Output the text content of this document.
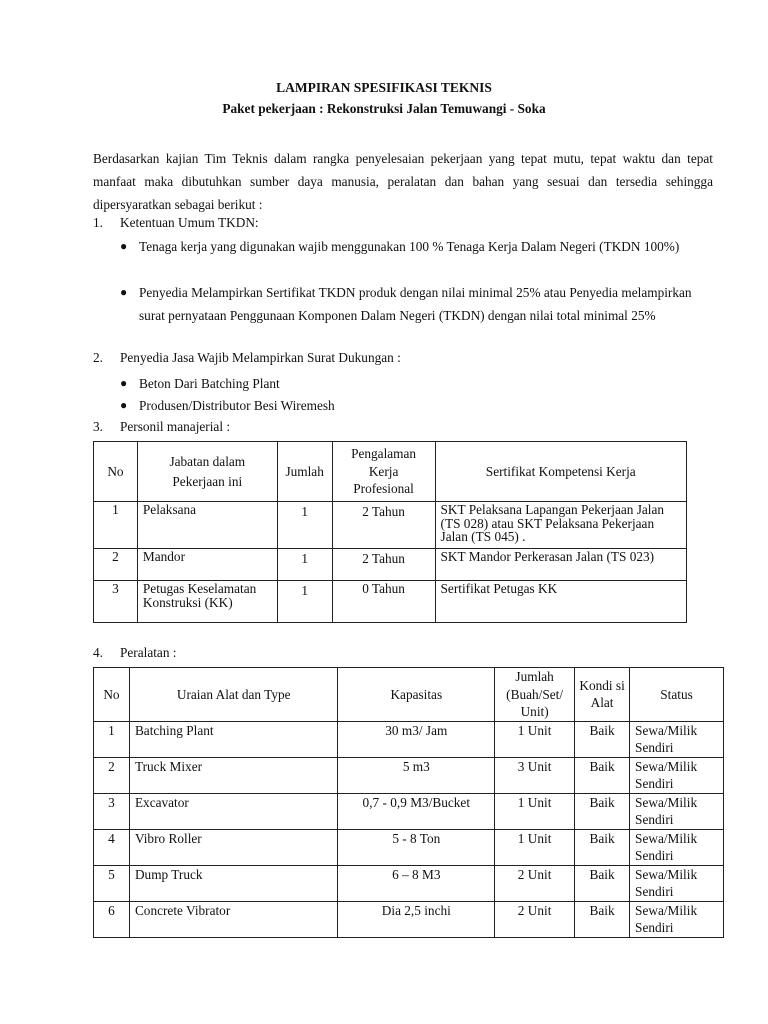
LAMPIRAN SPESIFIKASI TEKNIS
Paket pekerjaan : Rekonstruksi Jalan Temuwangi - Soka
Berdasarkan kajian Tim Teknis dalam rangka penyelesaian pekerjaan yang tepat mutu, tepat waktu dan tepat manfaat maka dibutuhkan sumber daya manusia, peralatan dan bahan yang sesuai dan tersedia sehingga dipersyaratkan sebagai berikut :
1. Ketentuan Umum TKDN:
● Tenaga kerja yang digunakan wajib menggunakan 100 % Tenaga Kerja Dalam Negeri (TKDN 100%)
● Penyedia Melampirkan Sertifikat TKDN produk dengan nilai minimal 25% atau Penyedia melampirkan surat pernyataan Penggunaan Komponen Dalam Negeri (TKDN) dengan nilai total minimal 25%
2. Penyedia Jasa Wajib Melampirkan Surat Dukungan :
● Beton Dari Batching Plant
● Produsen/Distributor Besi Wiremesh
3. Personil manajerial :
No	Jabatan dalam Pekerjaan ini	Jumlah	Pengalaman Kerja Profesional	Sertifikat Kompetensi Kerja
1	Pelaksana	1	2 Tahun	SKT Pelaksana Lapangan Pekerjaan Jalan (TS 028) atau SKT Pelaksana Pekerjaan Jalan (TS 045) .
2	Mandor	1	2 Tahun	SKT Mandor Perkerasan Jalan (TS 023)
3	Petugas Keselamatan Konstruksi (KK)	1	0 Tahun	Sertifikat Petugas KK
4. Peralatan :
No	Uraian Alat dan Type	Kapasitas	Jumlah (Buah/Set/ Unit)	Kondi si Alat	Status
1	Batching Plant	30 m3/ Jam	1 Unit	Baik	Sewa/Milik Sendiri
2	Truck Mixer	5 m3	3 Unit	Baik	Sewa/Milik Sendiri
3	Excavator	0,7 - 0,9 M3/Bucket	1 Unit	Baik	Sewa/Milik Sendiri
4	Vibro Roller	5 - 8 Ton	1 Unit	Baik	Sewa/Milik Sendiri
5	Dump Truck	6 – 8 M3	2 Unit	Baik	Sewa/Milik Sendiri
6	Concrete Vibrator	Dia 2,5 inchi	2 Unit	Baik	Sewa/Milik Sendiri
